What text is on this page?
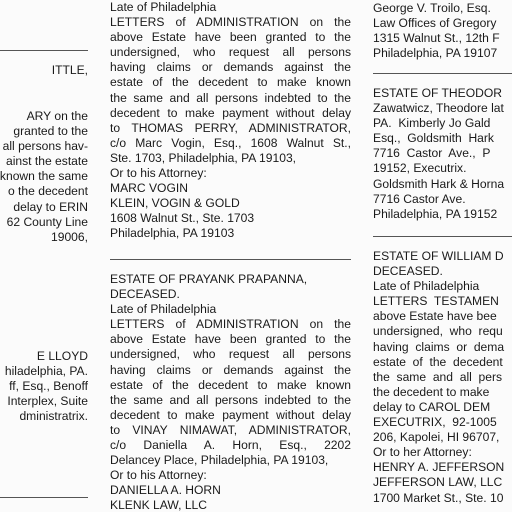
ITTLE,
ARY on the
granted to the
all persons hav-
ainst the estate
known the same
o the decedent
delay to ERIN
62 County Line
19006,
E LLOYD
hiladelphia, PA.
ff, Esq., Benoff
Interplex, Suite
dministratrix.
Late of Philadelphia
LETTERS of ADMINISTRATION on the
above Estate have been granted to the
undersigned, who request all persons
having claims or demands against the
estate of the decedent to make known
the same and all persons indebted to the
decedent to make payment without delay
to THOMAS PERRY, ADMINISTRATOR,
c/o Marc Vogin, Esq., 1608 Walnut St.,
Ste. 1703, Philadelphia, PA 19103,
Or to his Attorney:
MARC VOGIN
KLEIN, VOGIN & GOLD
1608 Walnut St., Ste. 1703
Philadelphia, PA 19103
ESTATE OF PRAYANK PRAPANNA,
DECEASED.
Late of Philadelphia
LETTERS of ADMINISTRATION on the
above Estate have been granted to the
undersigned, who request all persons
having claims or demands against the
estate of the decedent to make known
the same and all persons indebted to the
decedent to make payment without delay
to VINAY NIMAWAT, ADMINISTRATOR,
c/o Daniella A. Horn, Esq., 2202
Delancey Place, Philadelphia, PA 19103,
Or to his Attorney:
DANIELLA A. HORN
KLENK LAW, LLC
George V. Troilo, Esq.
Law Offices of Gregory
1315 Walnut St., 12th F
Philadelphia, PA 19107
ESTATE OF THEODOR
Zawatwicz, Theodore lat
PA.  Kimberly Jo Gald
Esq.,  Goldsmith  Hark
7716  Castor  Ave.,  P
19152, Executrix.
Goldsmith Hark & Horna
7716 Castor Ave.
Philadelphia, PA 19152
ESTATE OF WILLIAM D
DECEASED.
Late of Philadelphia
LETTERS  TESTAMEN
above Estate have bee
undersigned,  who  requ
having  claims  or  dema
estate  of  the  decedent
the  same  and  all  pers
the decedent to make
delay to CAROL DEM
EXECUTRIX,  92-1005
206, Kapolei, HI 96707,
Or to her Attorney:
HENRY A. JEFFERSON
JEFFERSON LAW, LLC
1700 Market St., Ste. 10
